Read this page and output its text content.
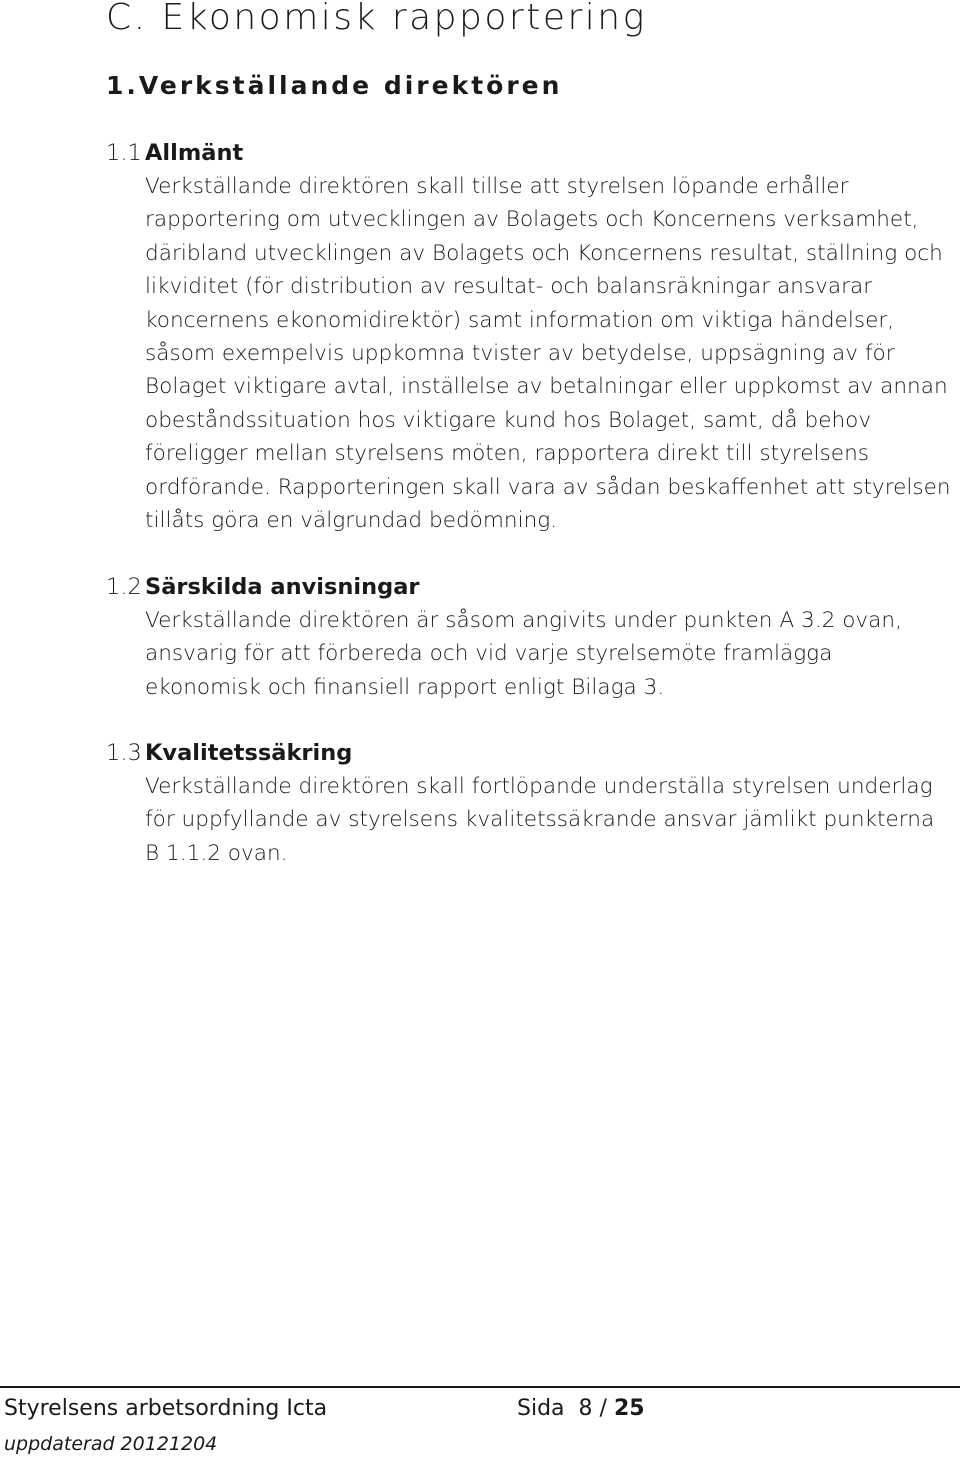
C. Ekonomisk rapportering
1.Verkställande direktören
1.1 Allmänt
Verkställande direktören skall tillse att styrelsen löpande erhåller rapportering om utvecklingen av Bolagets och Koncernens verksamhet, däribland utvecklingen av Bolagets och Koncernens resultat, ställning och likviditet (för distribution av resultat- och balansräkningar ansvarar koncernens ekonomidirektör) samt information om viktiga händelser, såsom exempelvis uppkomna tvister av betydelse, uppsägning av för Bolaget viktigare avtal, inställelse av betalningar eller uppkomst av annan obeståndssituation hos viktigare kund hos Bolaget, samt, då behov föreligger mellan styrelsens möten, rapportera direkt till styrelsens ordförande. Rapporteringen skall vara av sådan beskaffenhet att styrelsen tillåts göra en välgrundad bedömning.
1.2 Särskilda anvisningar
Verkställande direktören är såsom angivits under punkten A 3.2 ovan, ansvarig för att förbereda och vid varje styrelsemöte framlägga ekonomisk och finansiell rapport enligt Bilaga 3.
1.3 Kvalitetssäkring
Verkställande direktören skall fortlöpande underställa styrelsen underlag för uppfyllande av styrelsens kvalitetssäkrande ansvar jämlikt punkterna B 1.1.2 ovan.
Styrelsens arbetsordning Icta	Sida 8 / 25
uppdaterad 20121204
